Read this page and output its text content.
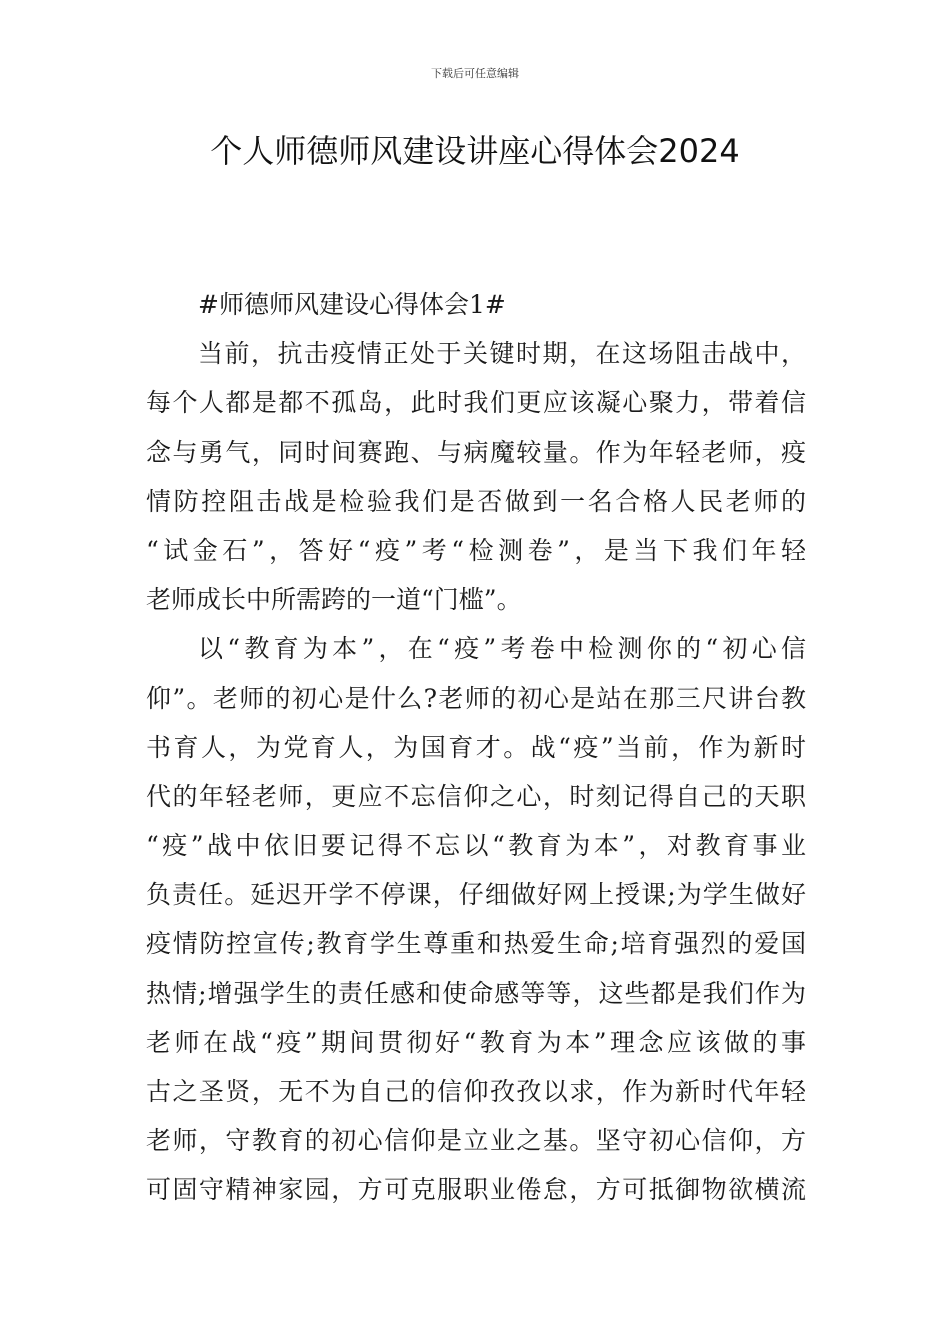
下载后可任意编辑
个人师德师风建设讲座心得体会2024
#师德师风建设心得体会1#
当前，抗击疫情正处于关键时期，在这场阻击战中，
每个人都是都不孤岛，此时我们更应该凝心聚力，带着信
念与勇气，同时间赛跑、与病魔较量。作为年轻老师，疫
情防控阻击战是检验我们是否做到一名合格人民老师的
“试金石”，答好“疫”考“检测卷”，是当下我们年轻
老师成长中所需跨的一道“门槛”。
以“教育为本”，在“疫”考卷中检测你的“初心信
仰”。老师的初心是什么?老师的初心是站在那三尺讲台教
书育人，为党育人，为国育才。战“疫”当前，作为新时
代的年轻老师，更应不忘信仰之心，时刻记得自己的天职
“疫”战中依旧要记得不忘以“教育为本”，对教育事业
负责任。延迟开学不停课，仔细做好网上授课;为学生做好
疫情防控宣传;教育学生尊重和热爱生命;培育强烈的爱国
热情;增强学生的责任感和使命感等等，这些都是我们作为
老师在战“疫”期间贯彻好“教育为本”理念应该做的事
古之圣贤，无不为自己的信仰孜孜以求，作为新时代年轻
老师，守教育的初心信仰是立业之基。坚守初心信仰，方
可固守精神家园，方可克服职业倦怠，方可抵御物欲横流
